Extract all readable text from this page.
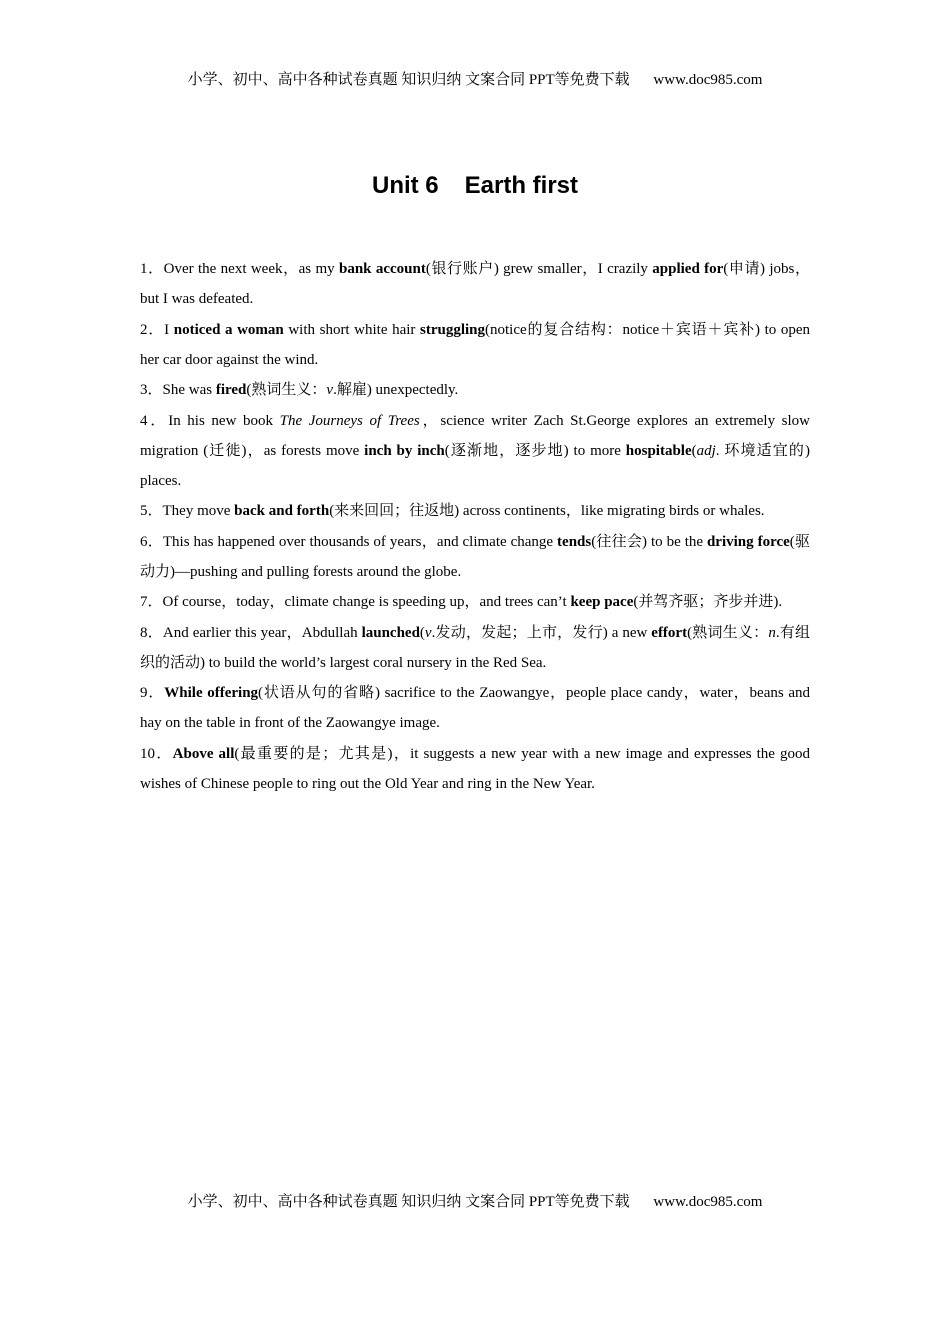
小学、初中、高中各种试卷真题 知识归纳 文案合同 PPT等免费下载 www.doc985.com
Unit 6 Earth first

1．Over the next week，as my bank account(银行账户) grew smaller，I crazily applied for(申请) jobs，but I was defeated.

2．I noticed a woman with short white hair struggling(notice的复合结构：notice＋宾语＋宾补) to open her car door against the wind.

3．She was fired(熟词生义：v.解雇) unexpectedly.

4．In his new book The Journeys of Trees，science writer Zach St.George explores an extremely slow migration (迁徙)，as forests move inch by inch(逐渐地，逐步地) to more hospitable(adj. 环境适宜的) places.

5．They move back and forth(来来回回；往返地) across continents，like migrating birds or whales.

6．This has happened over thousands of years，and climate change tends(往往会) to be the driving force(驱动力)—pushing and pulling forests around the globe.

7．Of course，today，climate change is speeding up，and trees can’t keep pace(并驾齐驱；齐步并进).

8．And earlier this year，Abdullah launched(v.发动，发起；上市，发行) a new effort(熟词生义：n.有组织的活动) to build the world’s largest coral nursery in the Red Sea.

9．While offering(状语从句的省略) sacrifice to the Zaowangye，people place candy，water，beans and hay on the table in front of the Zaowangye image.

10．Above all(最重要的是；尤其是)，it suggests a new year with a new image and expresses the good wishes of Chinese people to ring out the Old Year and ring in the New Year.

小学、初中、高中各种试卷真题 知识归纳 文案合同 PPT等免费下载 www.doc985.com
